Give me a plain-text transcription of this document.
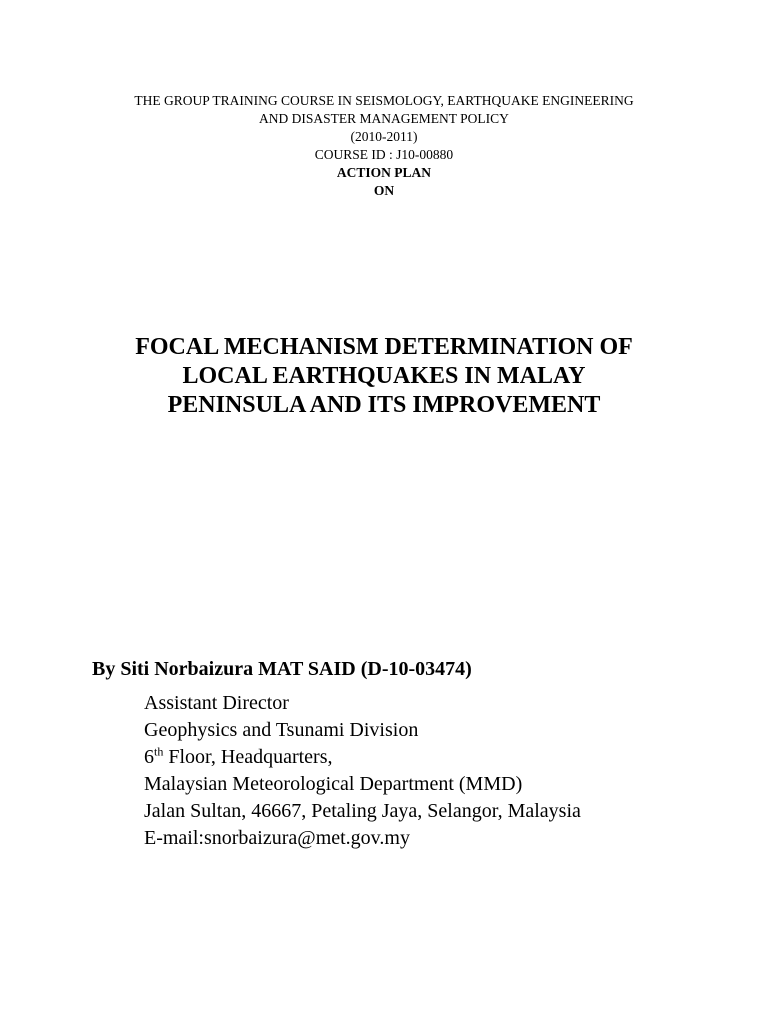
THE GROUP TRAINING COURSE IN SEISMOLOGY, EARTHQUAKE ENGINEERING
AND DISASTER MANAGEMENT POLICY
(2010-2011)
COURSE ID : J10-00880
ACTION PLAN
ON
FOCAL MECHANISM DETERMINATION OF
LOCAL EARTHQUAKES IN MALAY
PENINSULA AND ITS IMPROVEMENT
By Siti Norbaizura MAT SAID (D-10-03474)
Assistant Director
Geophysics and Tsunami Division
6th Floor, Headquarters,
Malaysian Meteorological Department (MMD)
Jalan Sultan, 46667, Petaling Jaya, Selangor, Malaysia
E-mail:snorbaizura@met.gov.my
